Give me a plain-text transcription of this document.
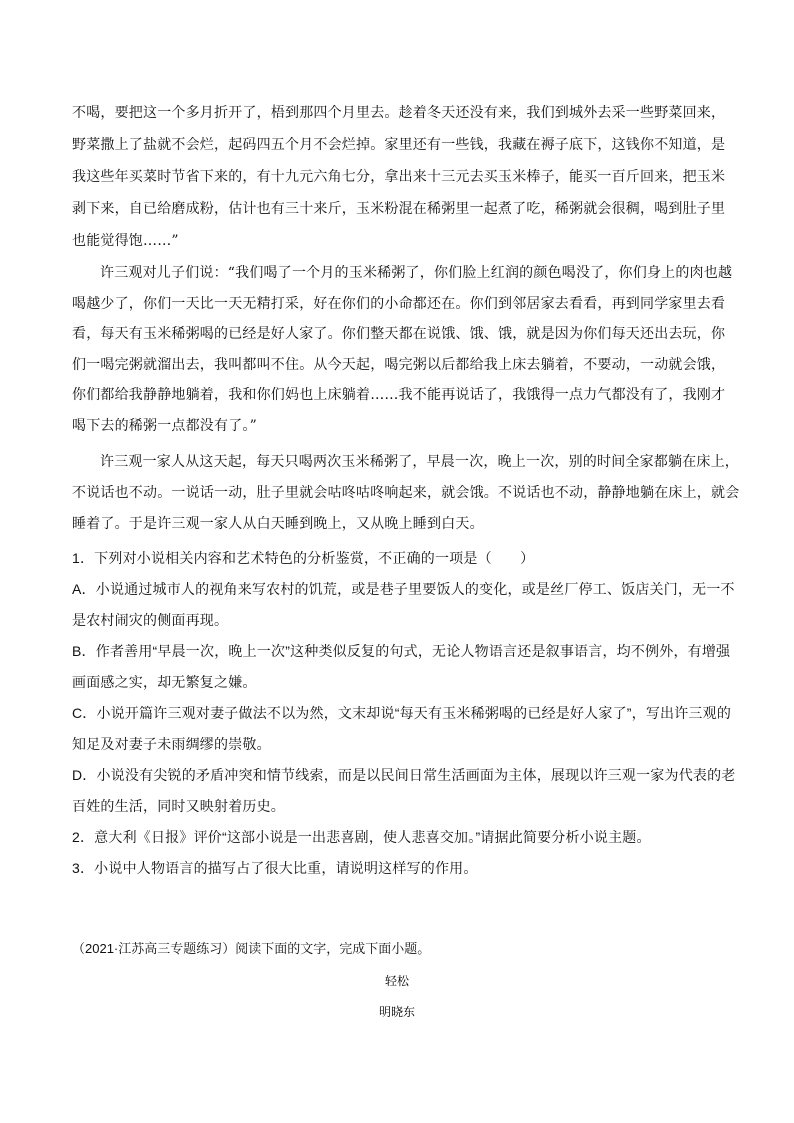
不喝，要把这一个多月折开了，梧到那四个月里去。趁着冬天还没有来，我们到城外去采一些野菜回来，
野菜撒上了盐就不会烂，起码四五个月不会烂掉。家里还有一些钱，我藏在褥子底下，这钱你不知道，是
我这些年买菜时节省下来的，有十九元六角七分，拿出来十三元去买玉米棒子，能买一百斤回来，把玉米
剥下来，自已给磨成粉，估计也有三十来斤，玉米粉混在稀粥里一起煮了吃，稀粥就会很稠，喝到肚子里
也能觉得饱……”
许三观对儿子们说：“我们喝了一个月的玉米稀粥了，你们脸上红润的颜色喝没了，你们身上的肉也越
喝越少了，你们一天比一天无精打采，好在你们的小命都还在。你们到邻居家去看看，再到同学家里去看
看，每天有玉米稀粥喝的已经是好人家了。你们整天都在说饿、饿、饿，就是因为你们每天还出去玩，你
们一喝完粥就溜出去，我叫都叫不住。从今天起，喝完粥以后都给我上床去躺着，不要动，一动就会饿，
你们都给我静静地躺着，我和你们妈也上床躺着……我不能再说话了，我饿得一点力气都没有了，我刚才
喝下去的稀粥一点都没有了。”
许三观一家人从这天起，每天只喝两次玉米稀粥了，早晨一次，晚上一次，别的时间全家都躺在床上，
不说话也不动。一说话一动，肚子里就会咕咚咕咚响起来，就会饿。不说话也不动，静静地躺在床上，就会
睡着了。于是许三观一家人从白天睡到晚上，又从晚上睡到白天。
1．下列对小说相关内容和艺术特色的分析鉴赏，不正确的一项是（　　）
A．小说通过城市人的视角来写农村的饥荒，或是巷子里要饭人的变化，或是丝厂停工、饭店关门，无一不
是农村闹灾的侧面再现。
B．作者善用“早晨一次，晚上一次”这种类似反复的句式，无论人物语言还是叙事语言，均不例外，有增强
画面感之实，却无繁复之嫌。
C．小说开篇许三观对妻子做法不以为然，文末却说“每天有玉米稀粥喝的已经是好人家了”，写出许三观的
知足及对妻子未雨绸缪的崇敬。
D．小说没有尖锐的矛盾冲突和情节线索，而是以民间日常生活画面为主体，展现以许三观一家为代表的老
百姓的生活，同时又映射着历史。
2．意大利《日报》评价“这部小说是一出悲喜剧，使人悲喜交加。”请据此简要分析小说主题。
3．小说中人物语言的描写占了很大比重，请说明这样写的作用。
（2021·江苏高三专题练习）阅读下面的文字，完成下面小题。
轻松
明晓东
